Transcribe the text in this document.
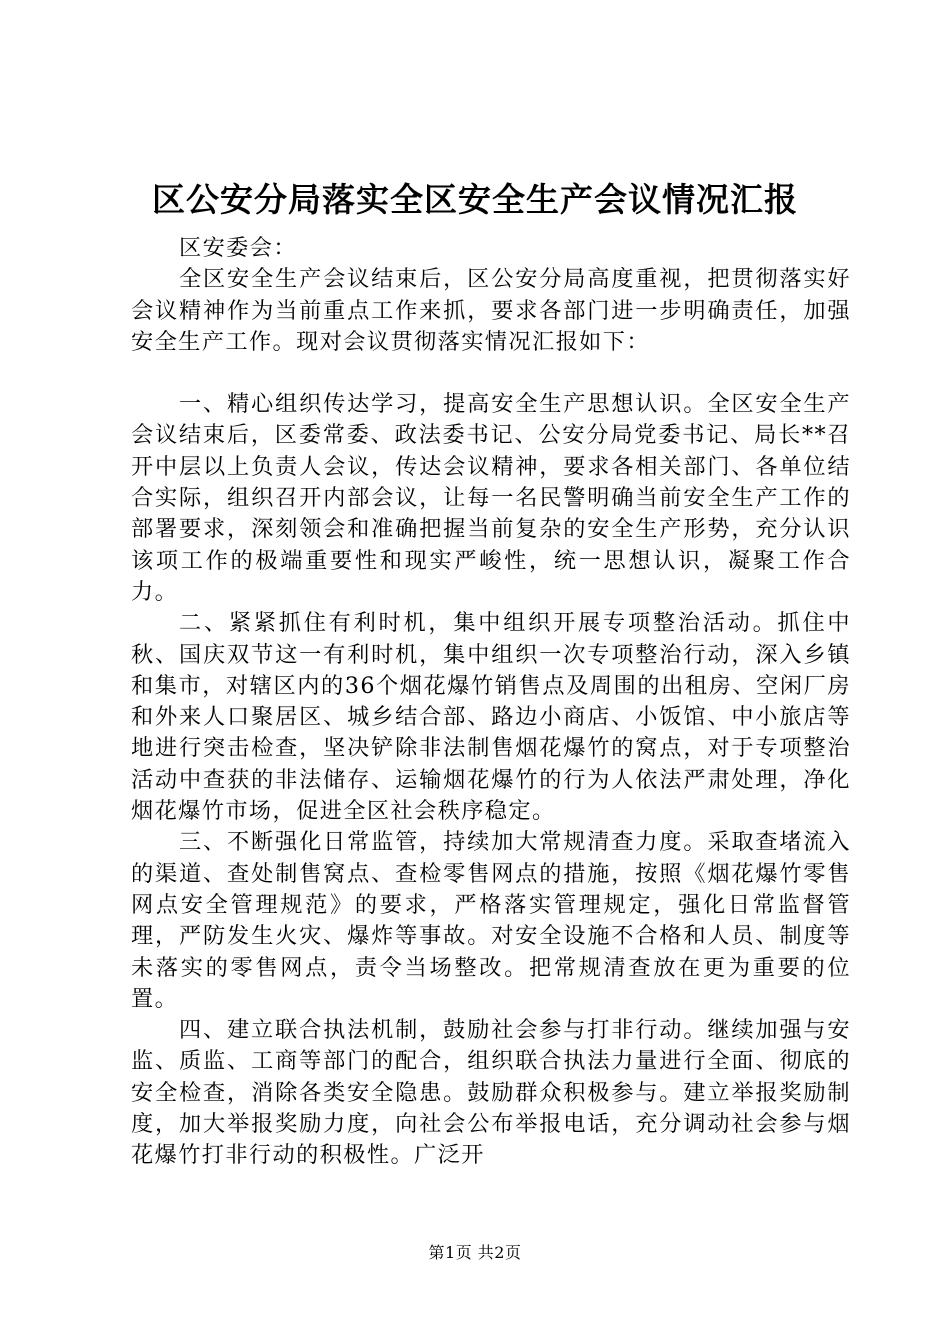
区公安分局落实全区安全生产会议情况汇报

区安委会：

全区安全生产会议结束后，区公安分局高度重视，把贯彻落实好会议精神作为当前重点工作来抓，要求各部门进一步明确责任，加强安全生产工作。现对会议贯彻落实情况汇报如下：

一、精心组织传达学习，提高安全生产思想认识。全区安全生产会议结束后，区委常委、政法委书记、公安分局党委书记、局长**召开中层以上负责人会议，传达会议精神，要求各相关部门、各单位结合实际，组织召开内部会议，让每一名民警明确当前安全生产工作的部署要求，深刻领会和准确把握当前复杂的安全生产形势，充分认识该项工作的极端重要性和现实严峻性，统一思想认识，凝聚工作合力。

二、紧紧抓住有利时机，集中组织开展专项整治活动。抓住中秋、国庆双节这一有利时机，集中组织一次专项整治行动，深入乡镇和集市，对辖区内的36个烟花爆竹销售点及周围的出租房、空闲厂房和外来人口聚居区、城乡结合部、路边小商店、小饭馆、中小旅店等地进行突击检查，坚决铲除非法制售烟花爆竹的窝点，对于专项整治活动中查获的非法储存、运输烟花爆竹的行为人依法严肃处理，净化烟花爆竹市场，促进全区社会秩序稳定。

三、不断强化日常监管，持续加大常规清查力度。采取查堵流入的渠道、查处制售窝点、查检零售网点的措施，按照《烟花爆竹零售网点安全管理规范》的要求，严格落实管理规定，强化日常监督管理，严防发生火灾、爆炸等事故。对安全设施不合格和人员、制度等未落实的零售网点，责令当场整改。把常规清查放在更为重要的位置。

四、建立联合执法机制，鼓励社会参与打非行动。继续加强与安监、质监、工商等部门的配合，组织联合执法力量进行全面、彻底的安全检查，消除各类安全隐患。鼓励群众积极参与。建立举报奖励制度，加大举报奖励力度，向社会公布举报电话，充分调动社会参与烟花爆竹打非行动的积极性。广泛开

第1页 共2页
